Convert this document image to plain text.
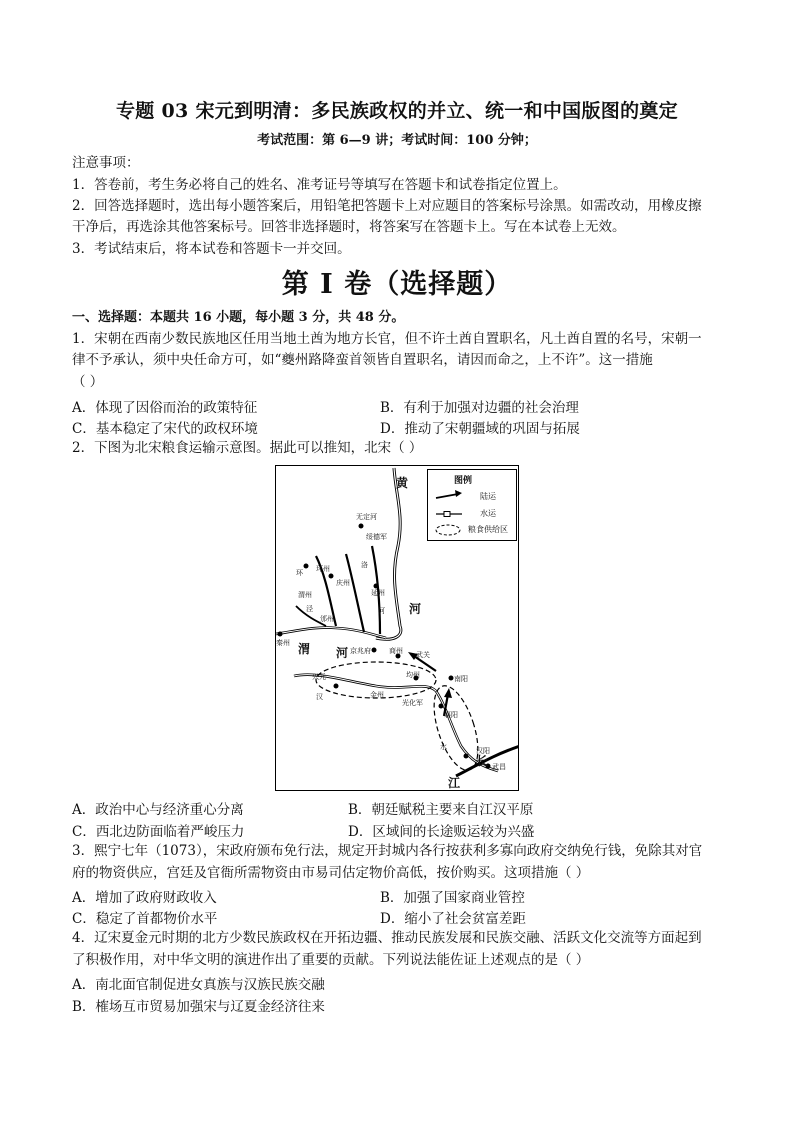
专题 03 宋元到明清：多民族政权的并立、统一和中国版图的奠定
考试范围：第 6—9 讲；考试时间：100 分钟；
注意事项：
1．答卷前，考生务必将自己的姓名、准考证号等填写在答题卡和试卷指定位置上。
2．回答选择题时，选出每小题答案后，用铅笔把答题卡上对应题目的答案标号涂黑。如需改动，用橡皮擦
干净后，再选涂其他答案标号。回答非选择题时，将答案写在答题卡上。写在本试卷上无效。
3．考试结束后，将本试卷和答题卡一并交回。
第 I 卷（选择题）
一、选择题：本题共 16 小题，每小题 3 分，共 48 分。
1．宋朝在西南少数民族地区任用当地土酋为地方长官，但不许土酋自置职名，凡土酋自置的名号，宋朝一
律不予承认，须中央任命方可，如“夔州路降蛮首领皆自置职名，请因而命之，上不许”。这一措施
（ ）
A．体现了因俗而治的政策特征	B．有利于加强对边疆的社会治理
C．基本稳定了宋代的政权环境	D．推动了宋朝疆域的巩固与拓展
2．下图为北宋粮食运输示意图。据此可以推知，北宋（ ）
图例
陆运
水运
粮食供给区
黄
河
渭 河
长
江
无定河
绥德军
环 环州	洛
庆州
延州
渭州
泾
邠州
秦州
河
京兆府	商州 武关
汉
兴元
金州
均州	南阳
光化军
襄阳
水	汉阳
武昌
A．政治中心与经济重心分离	B．朝廷赋税主要来自江汉平原
C．西北边防面临着严峻压力	D．区域间的长途贩运较为兴盛
3．熙宁七年（1073），宋政府颁布免行法，规定开封城内各行按获利多寡向政府交纳免行钱，免除其对官
府的物资供应，宫廷及官衙所需物资由市易司估定物价高低，按价购买。这项措施（ ）
A．增加了政府财政收入	B．加强了国家商业管控
C．稳定了首都物价水平	D．缩小了社会贫富差距
4．辽宋夏金元时期的北方少数民族政权在开拓边疆、推动民族发展和民族交融、活跃文化交流等方面起到
了积极作用，对中华文明的演进作出了重要的贡献。下列说法能佐证上述观点的是（ ）
A．南北面官制促进女真族与汉族民族交融
B．榷场互市贸易加强宋与辽夏金经济往来
